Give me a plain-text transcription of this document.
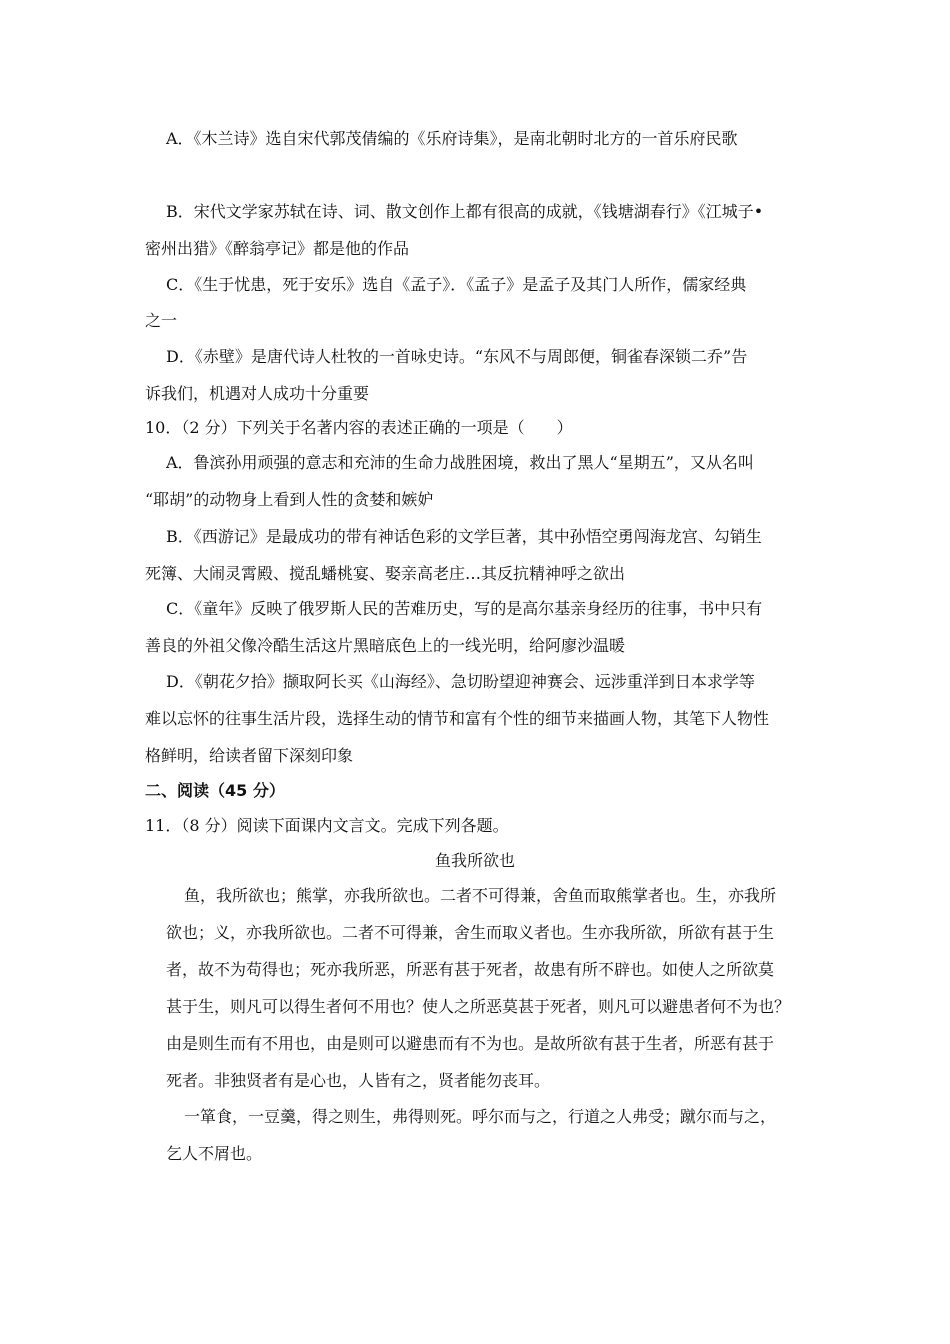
A．《木兰诗》选自宋代郭茂倩编的《乐府诗集》，是南北朝时北方的一首乐府民歌
B．宋代文学家苏轼在诗、词、散文创作上都有很高的成就，《钱塘湖春行》《江城子•
密州出猎》《醉翁亭记》都是他的作品
C．《生于忧患，死于安乐》选自《孟子》．《孟子》是孟子及其门人所作，儒家经典
之一
D．《赤壁》是唐代诗人杜牧的一首咏史诗。“东风不与周郎便，铜雀春深锁二乔”告
诉我们，机遇对人成功十分重要
10．（2 分）下列关于名著内容的表述正确的一项是（　　）
A．鲁滨孙用顽强的意志和充沛的生命力战胜困境，救出了黑人“星期五”，又从名叫
“耶胡”的动物身上看到人性的贪婪和嫉妒
B．《西游记》是最成功的带有神话色彩的文学巨著，其中孙悟空勇闯海龙宫、勾销生
死簿、大闹灵霄殿、搅乱蟠桃宴、娶亲高老庄…其反抗精神呼之欲出
C．《童年》反映了俄罗斯人民的苦难历史，写的是高尔基亲身经历的往事，书中只有
善良的外祖父像冷酷生活这片黑暗底色上的一线光明，给阿廖沙温暖
D．《朝花夕拾》撷取阿长买《山海经》、急切盼望迎神赛会、远涉重洋到日本求学等
难以忘怀的往事生活片段，选择生动的情节和富有个性的细节来描画人物，其笔下人物性
格鲜明，给读者留下深刻印象
二、阅读（45 分）
11．（8 分）阅读下面课内文言文。完成下列各题。
鱼我所欲也
鱼，我所欲也；熊掌，亦我所欲也。二者不可得兼，舍鱼而取熊掌者也。生，亦我所
欲也；义，亦我所欲也。二者不可得兼，舍生而取义者也。生亦我所欲，所欲有甚于生
者，故不为苟得也；死亦我所恶，所恶有甚于死者，故患有所不辟也。如使人之所欲莫
甚于生，则凡可以得生者何不用也？使人之所恶莫甚于死者，则凡可以避患者何不为也？
由是则生而有不用也，由是则可以避患而有不为也。是故所欲有甚于生者，所恶有甚于
死者。非独贤者有是心也，人皆有之，贤者能勿丧耳。
一箪食，一豆羹，得之则生，弗得则死。呼尔而与之，行道之人弗受；蹴尔而与之，
乞人不屑也。
